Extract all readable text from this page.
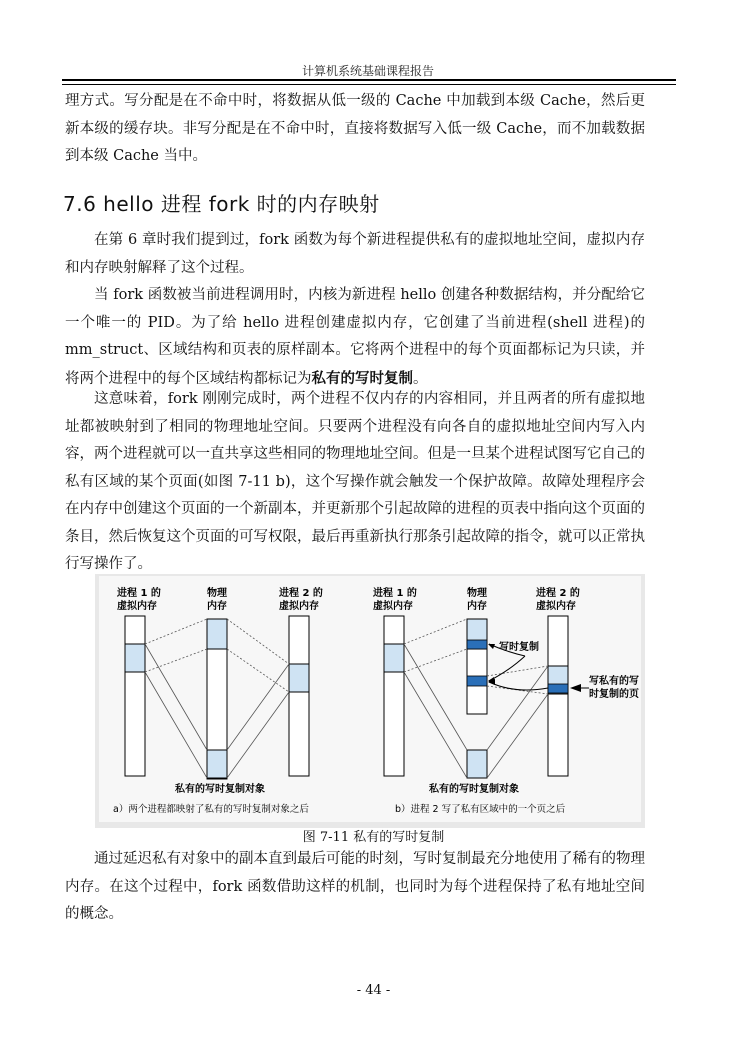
计算机系统基础课程报告

理方式。写分配是在不命中时，将数据从低一级的 Cache 中加载到本级 Cache，然后更新本级的缓存块。非写分配是在不命中时，直接将数据写入低一级 Cache，而不加载数据到本级 Cache 当中。

7.6 hello 进程 fork 时的内存映射

在第 6 章时我们提到过，fork 函数为每个新进程提供私有的虚拟地址空间，虚拟内存和内存映射解释了这个过程。

当 fork 函数被当前进程调用时，内核为新进程 hello 创建各种数据结构，并分配给它一个唯一的 PID。为了给 hello 进程创建虚拟内存，它创建了当前进程(shell 进程)的 mm_struct、区域结构和页表的原样副本。它将两个进程中的每个页面都标记为只读，并将两个进程中的每个区域结构都标记为私有的写时复制。

这意味着，fork 刚刚完成时，两个进程不仅内存的内容相同，并且两者的所有虚拟地址都被映射到了相同的物理地址空间。只要两个进程没有向各自的虚拟地址空间内写入内容，两个进程就可以一直共享这些相同的物理地址空间。但是一旦某个进程试图写它自己的私有区域的某个页面(如图 7-11 b)，这个写操作就会触发一个保护故障。故障处理程序会在内存中创建这个页面的一个新副本，并更新那个引起故障的进程的页表中指向这个页面的条目，然后恢复这个页面的可写权限，最后再重新执行那条引起故障的指令，就可以正常执行写操作了。

进程 1 的
虚拟内存
物理
内存
进程 2 的
虚拟内存
私有的写时复制对象
a）两个进程都映射了私有的写时复制对象之后
进程 1 的
虚拟内存
物理
内存
进程 2 的
虚拟内存
写时复制
写私有的写
时复制的页
私有的写时复制对象
b）进程 2 写了私有区域中的一个页之后
图 7-11 私有的写时复制

通过延迟私有对象中的副本直到最后可能的时刻，写时复制最充分地使用了稀有的物理内存。在这个过程中，fork 函数借助这样的机制，也同时为每个进程保持了私有地址空间的概念。

- 44 -
